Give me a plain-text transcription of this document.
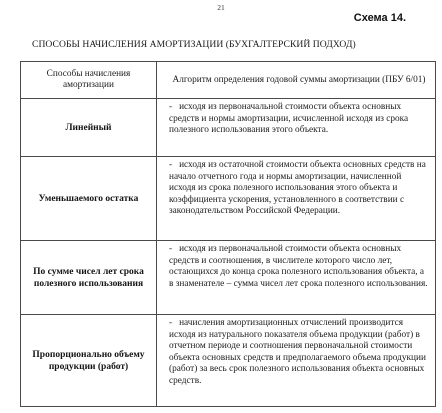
21
Схема 14.
СПОСОБЫ НАЧИСЛЕНИЯ АМОРТИЗАЦИИ (БУХГАЛТЕРСКИЙ ПОДХОД)
Способы начисления амортизации	Алгоритм определения годовой суммы амортизации (ПБУ 6/01)
Линейный
-   исходя из первоначальной стоимости объекта основных средств и нормы амортизации, исчисленной исходя из срока полезного использования этого объекта.
Уменьшаемого остатка
-   исходя из остаточной стоимости объекта основных средств на начало отчетного года и нормы амортизации, начисленной исходя из срока полезного использования этого объекта и коэффициента ускорения, установленного в соответствии с законодательством Российской Федерации.
По сумме чисел лет срока полезного использования
-   исходя из первоначальной стоимости объекта основных средств и соотношения, в числителе которого число лет, остающихся до конца срока полезного использования объекта, а в знаменателе – сумма чисел лет срока полезного использования.
Пропорционально объему продукции (работ)
-   начисления амортизационных отчислений производится исходя из натурального показателя объема продукции (работ) в отчетном периоде и соотношения первоначальной стоимости объекта основных средств и предполагаемого объема продукции (работ) за весь срок полезного использования объекта основных средств.
